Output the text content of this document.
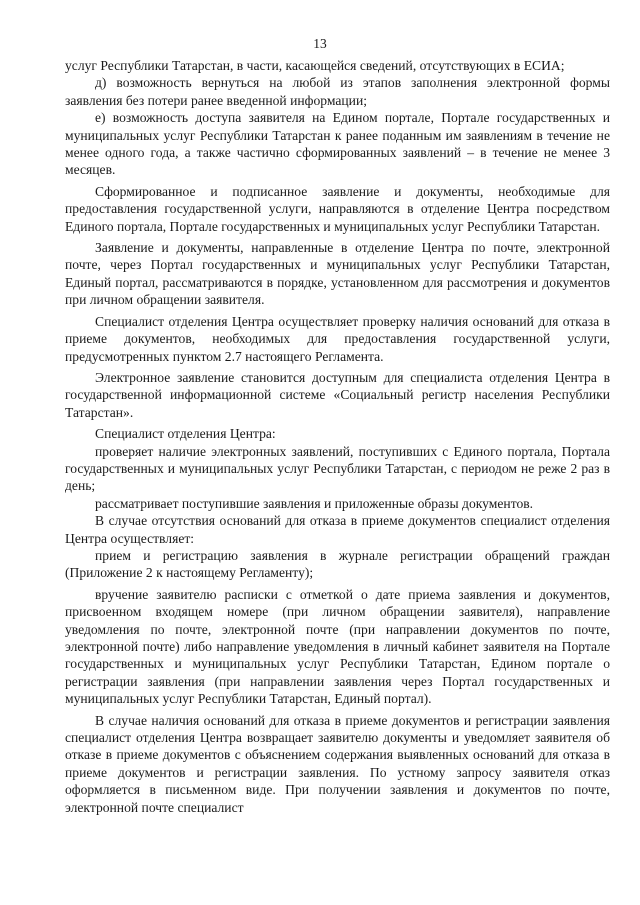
13

услуг Республики Татарстан, в части, касающейся сведений, отсутствующих в ЕСИА;

д) возможность вернуться на любой из этапов заполнения электронной формы заявления без потери ранее введенной информации;

е) возможность доступа заявителя на Едином портале, Портале государственных и муниципальных услуг Республики Татарстан к ранее поданным им заявлениям в течение не менее одного года, а также частично сформированных заявлений – в течение не менее 3 месяцев.

Сформированное и подписанное заявление и документы, необходимые для предоставления государственной услуги, направляются в отделение Центра посредством Единого портала, Портале государственных и муниципальных услуг Республики Татарстан.

Заявление и документы, направленные в отделение Центра по почте, электронной почте, через Портал государственных и муниципальных услуг Республики Татарстан, Единый портал, рассматриваются в порядке, установленном для рассмотрения и документов при личном обращении заявителя.

Специалист отделения Центра осуществляет проверку наличия оснований для отказа в приеме документов, необходимых для предоставления государственной услуги, предусмотренных пунктом 2.7 настоящего Регламента.

Электронное заявление становится доступным для специалиста отделения Центра в государственной информационной системе «Социальный регистр населения Республики Татарстан».

Специалист отделения Центра:

проверяет наличие электронных заявлений, поступивших с Единого портала, Портала государственных и муниципальных услуг Республики Татарстан, с периодом не реже 2 раз в день;

рассматривает поступившие заявления и приложенные образы документов.

В случае отсутствия оснований для отказа в приеме документов специалист отделения Центра осуществляет:

прием и регистрацию заявления в журнале регистрации обращений граждан (Приложение 2 к настоящему Регламенту);

вручение заявителю расписки с отметкой о дате приема заявления и документов, присвоенном входящем номере (при личном обращении заявителя), направление уведомления по почте, электронной почте (при направлении документов по почте, электронной почте) либо направление уведомления в личный кабинет заявителя на Портале государственных и муниципальных услуг Республики Татарстан, Едином портале о регистрации заявления (при направлении заявления через Портал государственных и муниципальных услуг Республики Татарстан, Единый портал).

В случае наличия оснований для отказа в приеме документов и регистрации заявления специалист отделения Центра возвращает заявителю документы и уведомляет заявителя об отказе в приеме документов с объяснением содержания выявленных оснований для отказа в приеме документов и регистрации заявления. По устному запросу заявителя отказ оформляется в письменном виде. При получении заявления и документов по почте, электронной почте специалист
